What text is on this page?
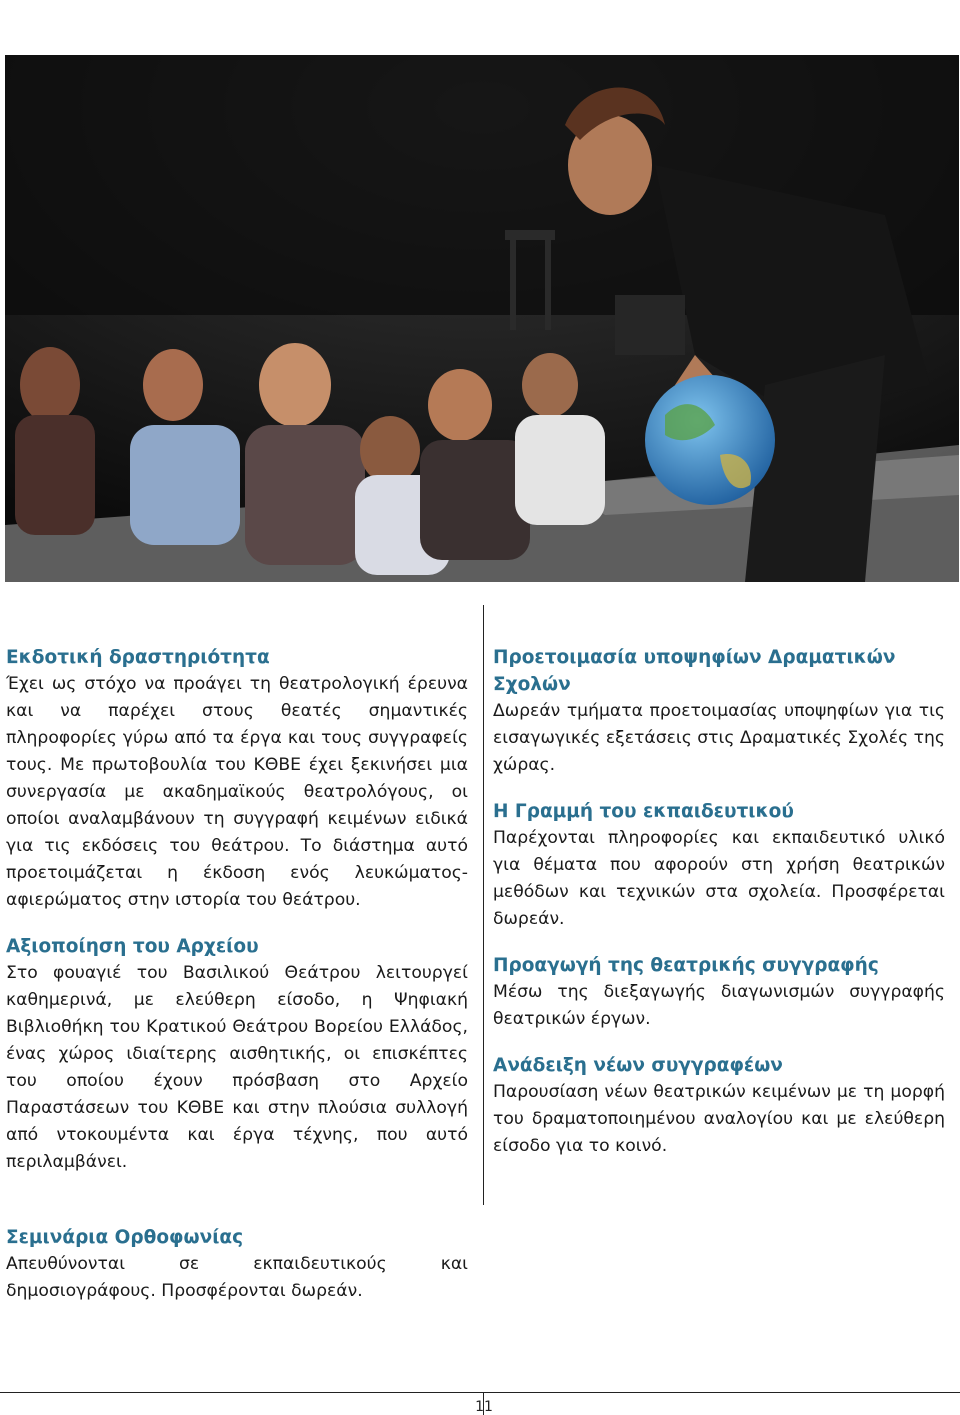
Εκδοτική δραστηριότητα

Έχει ως στόχο να προάγει τη θεατρολογική έρευνα και να παρέχει στους θεατές σημαντικές πληροφορίες γύρω από τα έργα και τους συγγραφείς τους. Με πρωτοβουλία του ΚΘΒΕ έχει ξεκινήσει μια συνεργασία με ακαδημαϊκούς θεατρολόγους, οι οποίοι αναλαμβάνουν τη συγγραφή κειμένων ειδικά για τις εκδόσεις του θεάτρου. Το διάστημα αυτό προετοιμάζεται η έκδοση ενός λευκώματος-αφιερώματος στην ιστορία του θεάτρου.

Αξιοποίηση του Αρχείου

Στο φουαγιέ του Βασιλικού Θεάτρου λειτουργεί καθημερινά, με ελεύθερη είσοδο, η Ψηφιακή Βιβλιοθήκη του Κρατικού Θεάτρου Βορείου Ελλάδος, ένας χώρος ιδιαίτερης αισθητικής, οι επισκέπτες του οποίου έχουν πρόσβαση στο Αρχείο Παραστάσεων του ΚΘΒΕ και στην πλούσια συλλογή από ντοκουμέντα και έργα τέχνης, που αυτό περιλαμβάνει.

Σεμινάρια Ορθοφωνίας

Απευθύνονται σε εκπαιδευτικούς και δημοσιογράφους. Προσφέρονται δωρεάν.

Προετοιμασία υποψηφίων Δραματικών Σχολών

Δωρεάν τμήματα προετοιμασίας υποψηφίων για τις εισαγωγικές εξετάσεις στις Δραματικές Σχολές της χώρας.

Η Γραμμή του εκπαιδευτικού

Παρέχονται πληροφορίες και εκπαιδευτικό υλικό για θέματα που αφορούν στη χρήση θεατρικών μεθόδων και τεχνικών στα σχολεία. Προσφέρεται δωρεάν.

Προαγωγή της θεατρικής συγγραφής

Μέσω της διεξαγωγής διαγωνισμών συγγραφής θεατρικών έργων.

Ανάδειξη νέων συγγραφέων

Παρουσίαση νέων θεατρικών κειμένων με τη μορφή του δραματοποιημένου αναλογίου και με ελεύθερη είσοδο για το κοινό.

11
